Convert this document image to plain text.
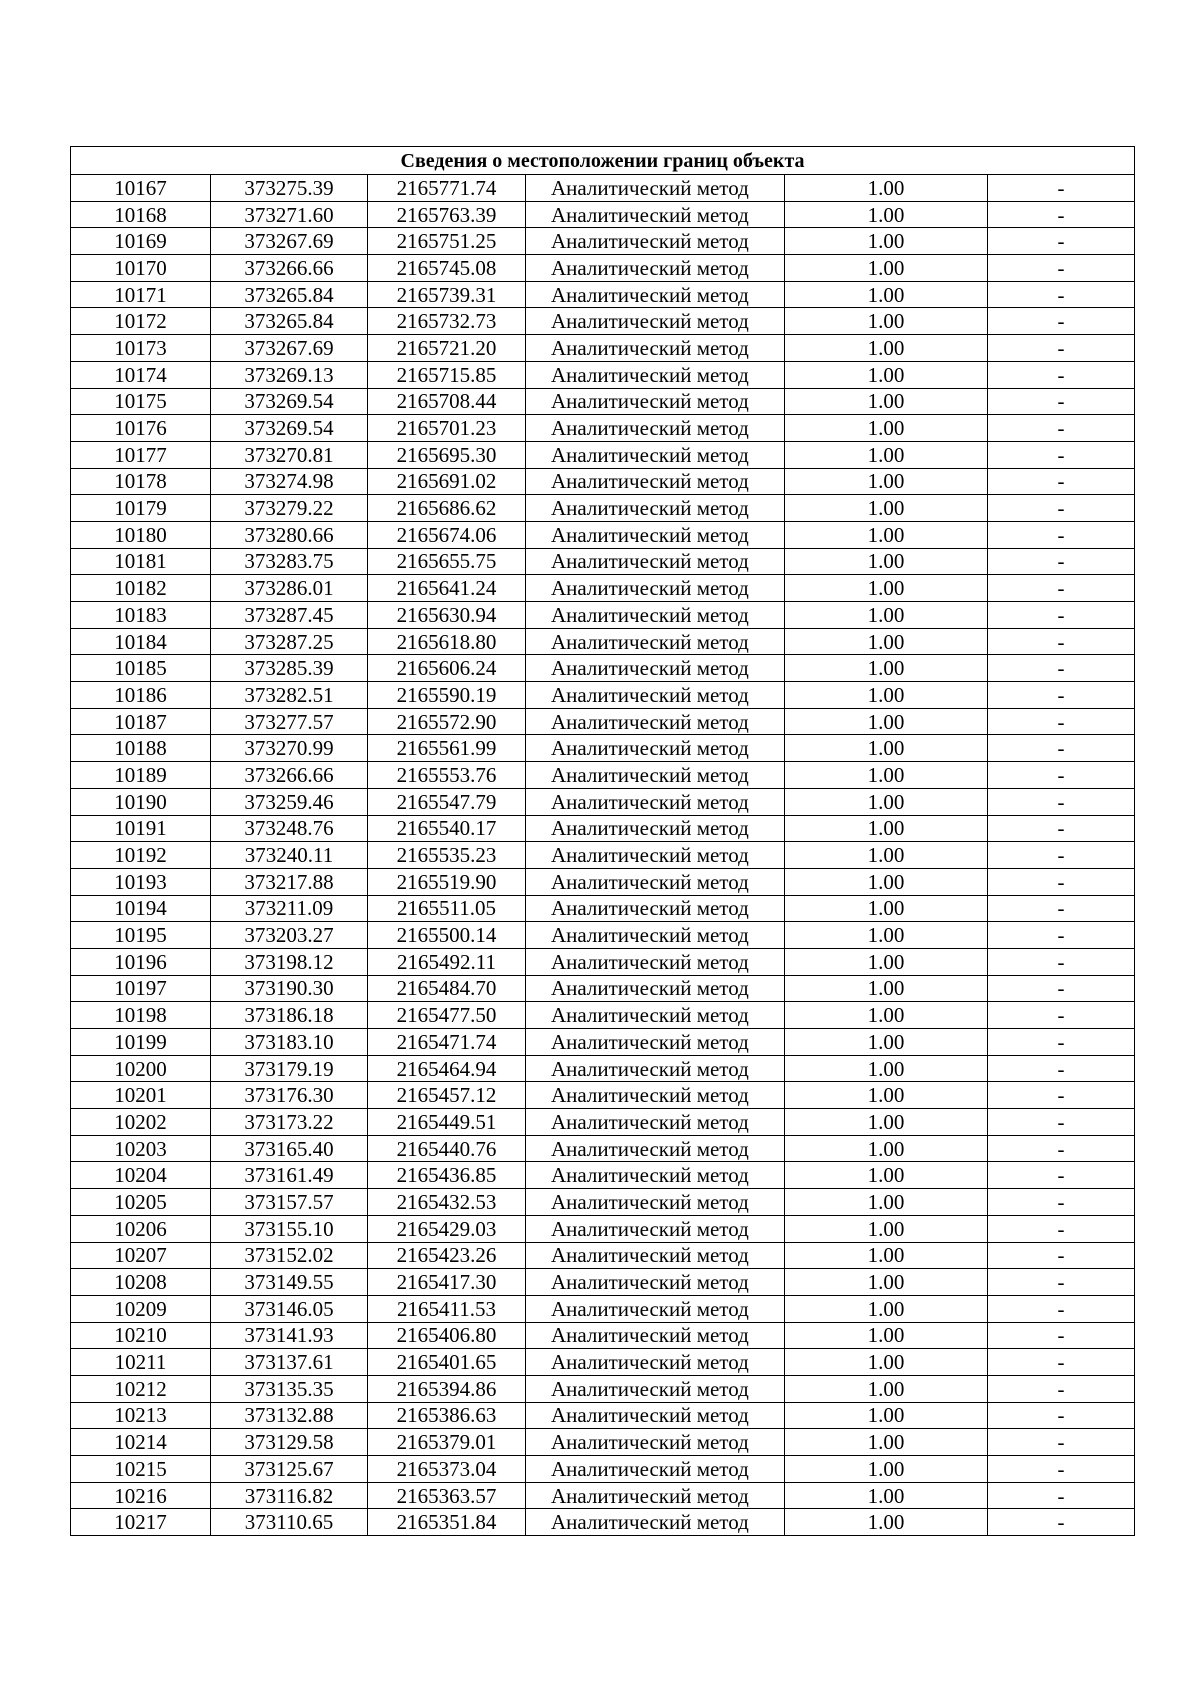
Сведения о местоположении границ объекта					
10167	373275.39	2165771.74	Аналитический метод	1.00	-
10168	373271.60	2165763.39	Аналитический метод	1.00	-
10169	373267.69	2165751.25	Аналитический метод	1.00	-
10170	373266.66	2165745.08	Аналитический метод	1.00	-
10171	373265.84	2165739.31	Аналитический метод	1.00	-
10172	373265.84	2165732.73	Аналитический метод	1.00	-
10173	373267.69	2165721.20	Аналитический метод	1.00	-
10174	373269.13	2165715.85	Аналитический метод	1.00	-
10175	373269.54	2165708.44	Аналитический метод	1.00	-
10176	373269.54	2165701.23	Аналитический метод	1.00	-
10177	373270.81	2165695.30	Аналитический метод	1.00	-
10178	373274.98	2165691.02	Аналитический метод	1.00	-
10179	373279.22	2165686.62	Аналитический метод	1.00	-
10180	373280.66	2165674.06	Аналитический метод	1.00	-
10181	373283.75	2165655.75	Аналитический метод	1.00	-
10182	373286.01	2165641.24	Аналитический метод	1.00	-
10183	373287.45	2165630.94	Аналитический метод	1.00	-
10184	373287.25	2165618.80	Аналитический метод	1.00	-
10185	373285.39	2165606.24	Аналитический метод	1.00	-
10186	373282.51	2165590.19	Аналитический метод	1.00	-
10187	373277.57	2165572.90	Аналитический метод	1.00	-
10188	373270.99	2165561.99	Аналитический метод	1.00	-
10189	373266.66	2165553.76	Аналитический метод	1.00	-
10190	373259.46	2165547.79	Аналитический метод	1.00	-
10191	373248.76	2165540.17	Аналитический метод	1.00	-
10192	373240.11	2165535.23	Аналитический метод	1.00	-
10193	373217.88	2165519.90	Аналитический метод	1.00	-
10194	373211.09	2165511.05	Аналитический метод	1.00	-
10195	373203.27	2165500.14	Аналитический метод	1.00	-
10196	373198.12	2165492.11	Аналитический метод	1.00	-
10197	373190.30	2165484.70	Аналитический метод	1.00	-
10198	373186.18	2165477.50	Аналитический метод	1.00	-
10199	373183.10	2165471.74	Аналитический метод	1.00	-
10200	373179.19	2165464.94	Аналитический метод	1.00	-
10201	373176.30	2165457.12	Аналитический метод	1.00	-
10202	373173.22	2165449.51	Аналитический метод	1.00	-
10203	373165.40	2165440.76	Аналитический метод	1.00	-
10204	373161.49	2165436.85	Аналитический метод	1.00	-
10205	373157.57	2165432.53	Аналитический метод	1.00	-
10206	373155.10	2165429.03	Аналитический метод	1.00	-
10207	373152.02	2165423.26	Аналитический метод	1.00	-
10208	373149.55	2165417.30	Аналитический метод	1.00	-
10209	373146.05	2165411.53	Аналитический метод	1.00	-
10210	373141.93	2165406.80	Аналитический метод	1.00	-
10211	373137.61	2165401.65	Аналитический метод	1.00	-
10212	373135.35	2165394.86	Аналитический метод	1.00	-
10213	373132.88	2165386.63	Аналитический метод	1.00	-
10214	373129.58	2165379.01	Аналитический метод	1.00	-
10215	373125.67	2165373.04	Аналитический метод	1.00	-
10216	373116.82	2165363.57	Аналитический метод	1.00	-
10217	373110.65	2165351.84	Аналитический метод	1.00	-
